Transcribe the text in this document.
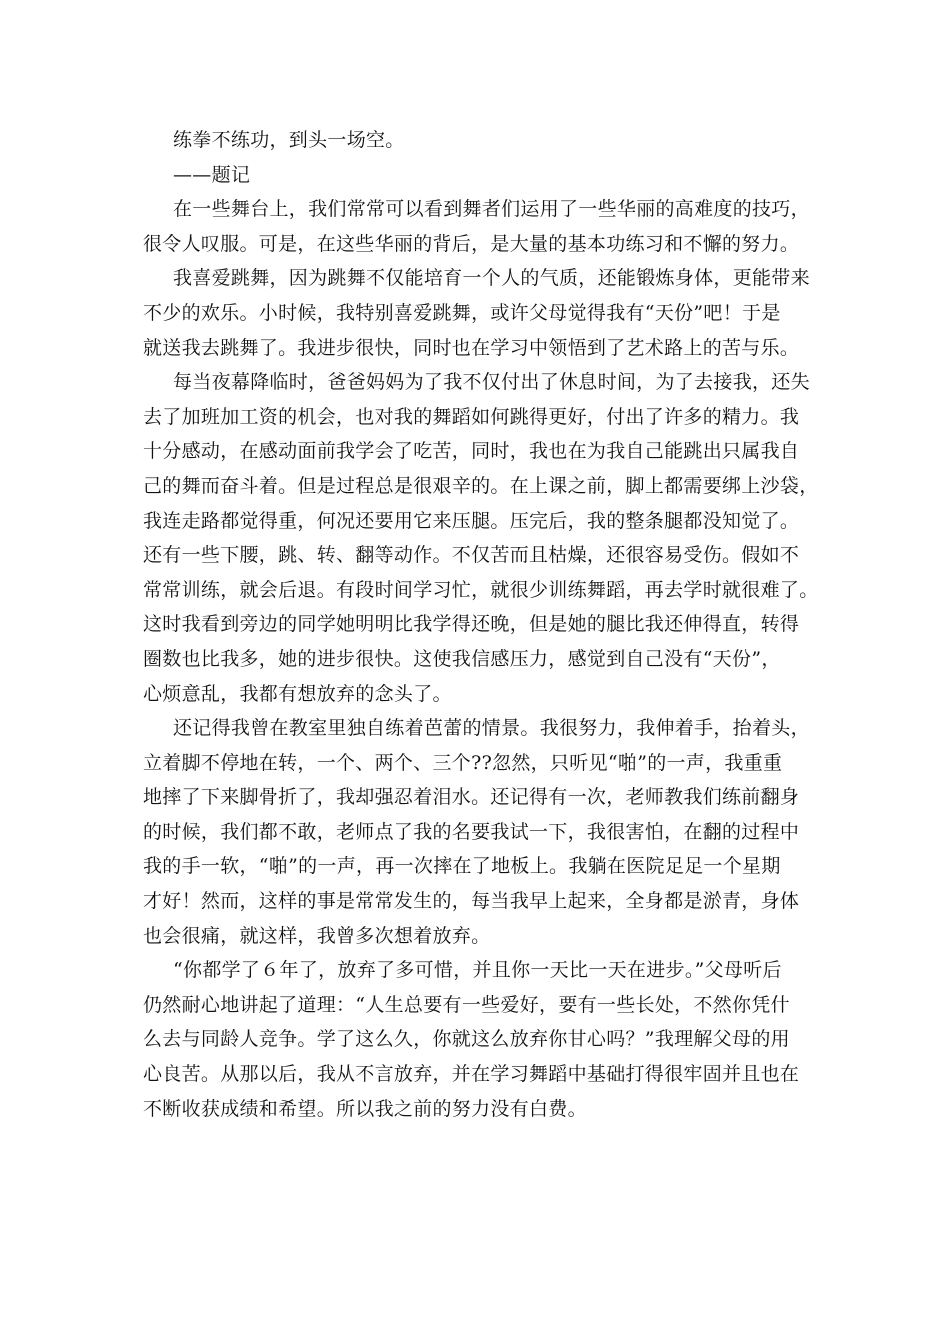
练拳不练功，到头一场空。
——题记
在一些舞台上，我们常常可以看到舞者们运用了一些华丽的高难度的技巧，
很令人叹服。可是，在这些华丽的背后，是大量的基本功练习和不懈的努力。
我喜爱跳舞，因为跳舞不仅能培育一个人的气质，还能锻炼身体，更能带来
不少的欢乐。小时候，我特别喜爱跳舞，或许父母觉得我有“天份”吧！于是
就送我去跳舞了。我进步很快，同时也在学习中领悟到了艺术路上的苦与乐。
每当夜幕降临时，爸爸妈妈为了我不仅付出了休息时间，为了去接我，还失
去了加班加工资的机会，也对我的舞蹈如何跳得更好，付出了许多的精力。我
十分感动，在感动面前我学会了吃苦，同时，我也在为我自己能跳出只属我自
己的舞而奋斗着。但是过程总是很艰辛的。在上课之前，脚上都需要绑上沙袋，
我连走路都觉得重，何况还要用它来压腿。压完后，我的整条腿都没知觉了。
还有一些下腰，跳、转、翻等动作。不仅苦而且枯燥，还很容易受伤。假如不
常常训练，就会后退。有段时间学习忙，就很少训练舞蹈，再去学时就很难了。
这时我看到旁边的同学她明明比我学得还晚，但是她的腿比我还伸得直，转得
圈数也比我多，她的进步很快。这使我信感压力，感觉到自己没有“天份”，
心烦意乱，我都有想放弃的念头了。
还记得我曾在教室里独自练着芭蕾的情景。我很努力，我伸着手，抬着头，
立着脚不停地在转，一个、两个、三个??忽然，只听见“啪”的一声，我重重
地摔了下来脚骨折了，我却强忍着泪水。还记得有一次，老师教我们练前翻身
的时候，我们都不敢，老师点了我的名要我试一下，我很害怕，在翻的过程中
我的手一软，“啪”的一声，再一次摔在了地板上。我躺在医院足足一个星期
才好！然而，这样的事是常常发生的，每当我早上起来，全身都是淤青，身体
也会很痛，就这样，我曾多次想着放弃。
“你都学了６年了，放弃了多可惜，并且你一天比一天在进步。”父母听后
仍然耐心地讲起了道理：“人生总要有一些爱好，要有一些长处，不然你凭什
么去与同龄人竞争。学了这么久，你就这么放弃你甘心吗？”我理解父母的用
心良苦。从那以后，我从不言放弃，并在学习舞蹈中基础打得很牢固并且也在
不断收获成绩和希望。所以我之前的努力没有白费。
